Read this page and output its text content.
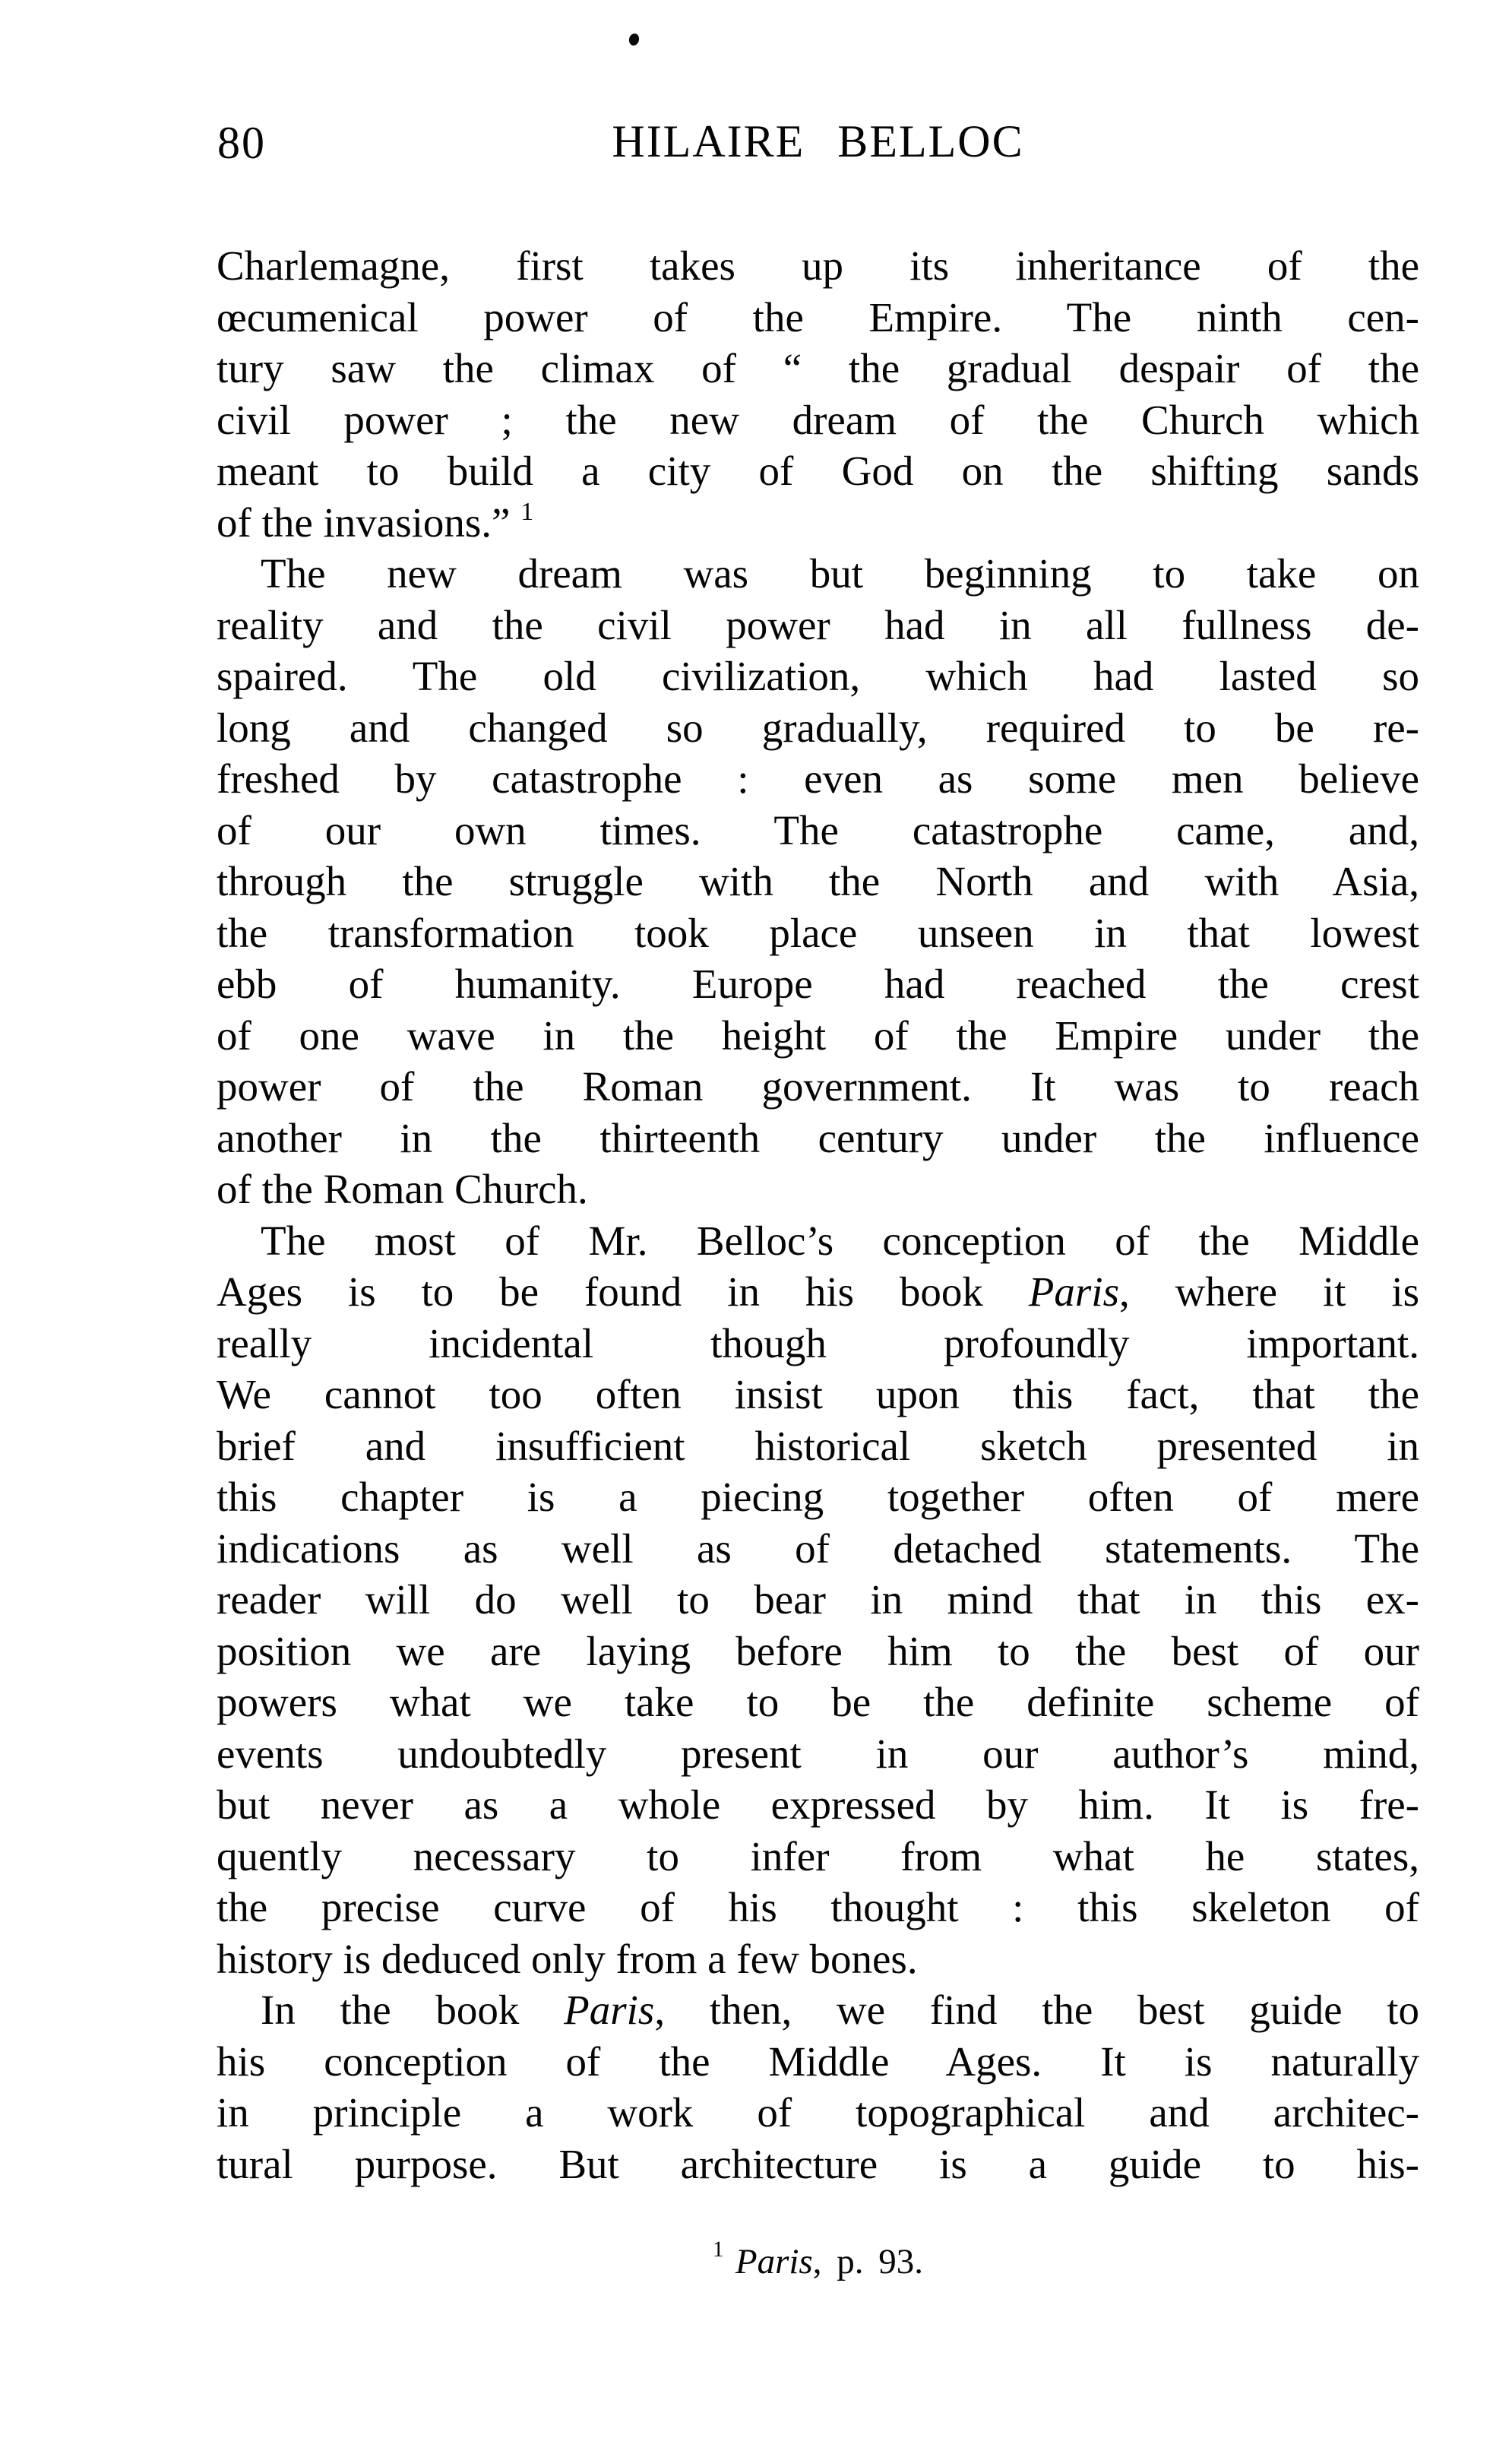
80	HILAIRE BELLOC
Charlemagne, first takes up its inheritance of the
œcumenical power of the Empire. The ninth cen-
tury saw the climax of “ the gradual despair of the
civil power ; the new dream of the Church which
meant to build a city of God on the shifting sands
of the invasions.” $^1$
The new dream was but beginning to take on
reality and the civil power had in all fullness de-
spaired. The old civilization, which had lasted so
long and changed so gradually, required to be re-
freshed by catastrophe : even as some men believe
of our own times. The catastrophe came, and,
through the struggle with the North and with Asia,
the transformation took place unseen in that lowest
ebb of humanity. Europe had reached the crest
of one wave in the height of the Empire under the
power of the Roman government. It was to reach
another in the thirteenth century under the influence
of the Roman Church.
The most of Mr. Belloc’s conception of the Middle
Ages is to be found in his book Paris, where it is
really incidental though profoundly important.
We cannot too often insist upon this fact, that the
brief and insufficient historical sketch presented in
this chapter is a piecing together often of mere
indications as well as of detached statements. The
reader will do well to bear in mind that in this ex-
position we are laying before him to the best of our
powers what we take to be the definite scheme of
events undoubtedly present in our author’s mind,
but never as a whole expressed by him. It is fre-
quently necessary to infer from what he states,
the precise curve of his thought : this skeleton of
history is deduced only from a few bones.
In the book Paris, then, we find the best guide to
his conception of the Middle Ages. It is naturally
in principle a work of topographical and architec-
tural purpose. But architecture is a guide to his-
$^1$ Paris, p. 93.
